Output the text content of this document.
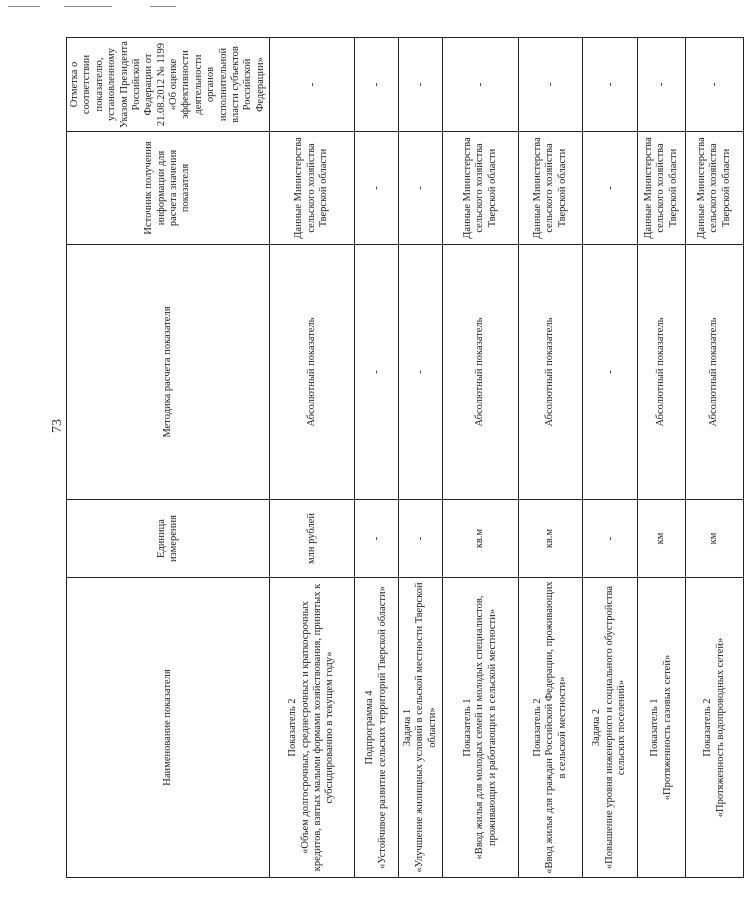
73
Наименование показателя	Единица измерения	Методика расчета показателя	Источник получения информации для расчета значения показателя	Отметка о соответствии показателю, установленному Указом Президента Российской Федерации от 21.08.2012 № 1199 «Об оценке эффективности деятельности органов исполнительной власти субъектов Российской Федерации»

Показатель 2 «Объем долгосрочных, среднесрочных и краткосрочных кредитов, взятых малыми формами хозяйствования, принятых к субсидированию в текущем году»	млн рублей	Абсолютный показатель	Данные Министерства сельского хозяйства Тверской области	-

Подпрограмма 4 «Устойчивое развитие сельских территорий Тверской области»	-	-	-	-

Задача 1 «Улучшение жилищных условий в сельской местности Тверской области»	-	-	-	-

Показатель 1 «Ввод жилья для молодых семей и молодых специалистов, проживающих и работающих в сельской местности»	кв.м	Абсолютный показатель	Данные Министерства сельского хозяйства Тверской области	-

Показатель 2 «Ввод жилья для граждан Российской Федерации, проживающих в сельской местности»	кв.м	Абсолютный показатель	Данные Министерства сельского хозяйства Тверской области	-

Задача 2 «Повышение уровня инженерного и социального обустройства сельских поселений»	-	-	-	-

Показатель 1 «Протяженность газовых сетей»	км	Абсолютный показатель	Данные Министерства сельского хозяйства Тверской области	-

Показатель 2 «Протяженность водопроводных сетей»	км	Абсолютный показатель	Данные Министерства сельского хозяйства Тверской области	-
